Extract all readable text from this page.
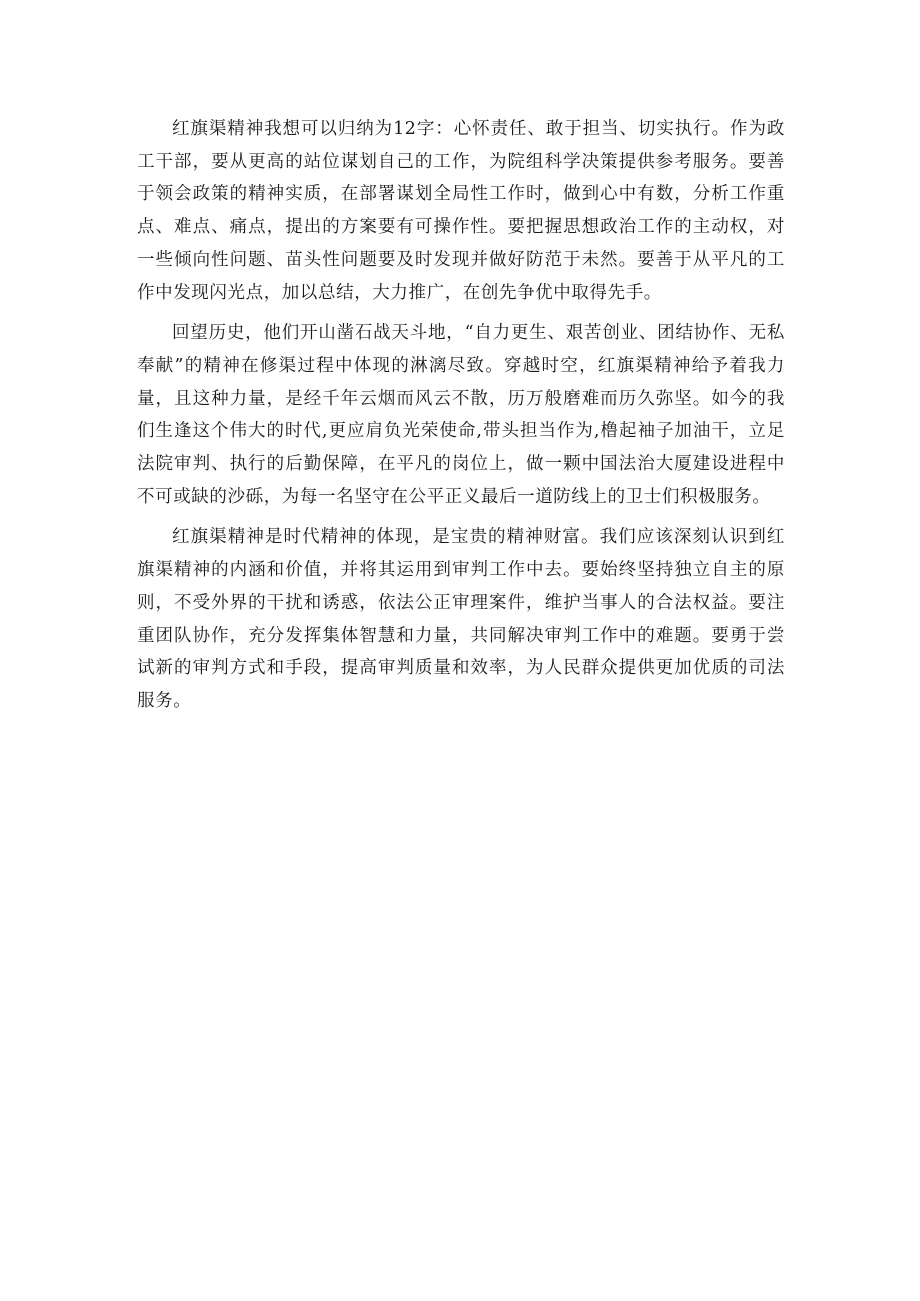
红旗渠精神我想可以归纳为12字：心怀责任、敢于担当、切实执行。作为政工干部，要从更高的站位谋划自己的工作，为院组科学决策提供参考服务。要善于领会政策的精神实质，在部署谋划全局性工作时，做到心中有数，分析工作重点、难点、痛点，提出的方案要有可操作性。要把握思想政治工作的主动权，对一些倾向性问题、苗头性问题要及时发现并做好防范于未然。要善于从平凡的工作中发现闪光点，加以总结，大力推广，在创先争优中取得先手。

回望历史，他们开山凿石战天斗地，“自力更生、艰苦创业、团结协作、无私奉献”的精神在修渠过程中体现的淋漓尽致。穿越时空，红旗渠精神给予着我力量，且这种力量，是经千年云烟而风云不散，历万般磨难而历久弥坚。如今的我们生逢这个伟大的时代,更应肩负光荣使命,带头担当作为,橹起袖子加油干，立足法院审判、执行的后勤保障，在平凡的岗位上，做一颗中国法治大厦建设进程中不可或缺的沙砾，为每一名坚守在公平正义最后一道防线上的卫士们积极服务。

红旗渠精神是时代精神的体现，是宝贵的精神财富。我们应该深刻认识到红旗渠精神的内涵和价值，并将其运用到审判工作中去。要始终坚持独立自主的原则，不受外界的干扰和诱惑，依法公正审理案件，维护当事人的合法权益。要注重团队协作，充分发挥集体智慧和力量，共同解决审判工作中的难题。要勇于尝试新的审判方式和手段，提高审判质量和效率，为人民群众提供更加优质的司法服务。
